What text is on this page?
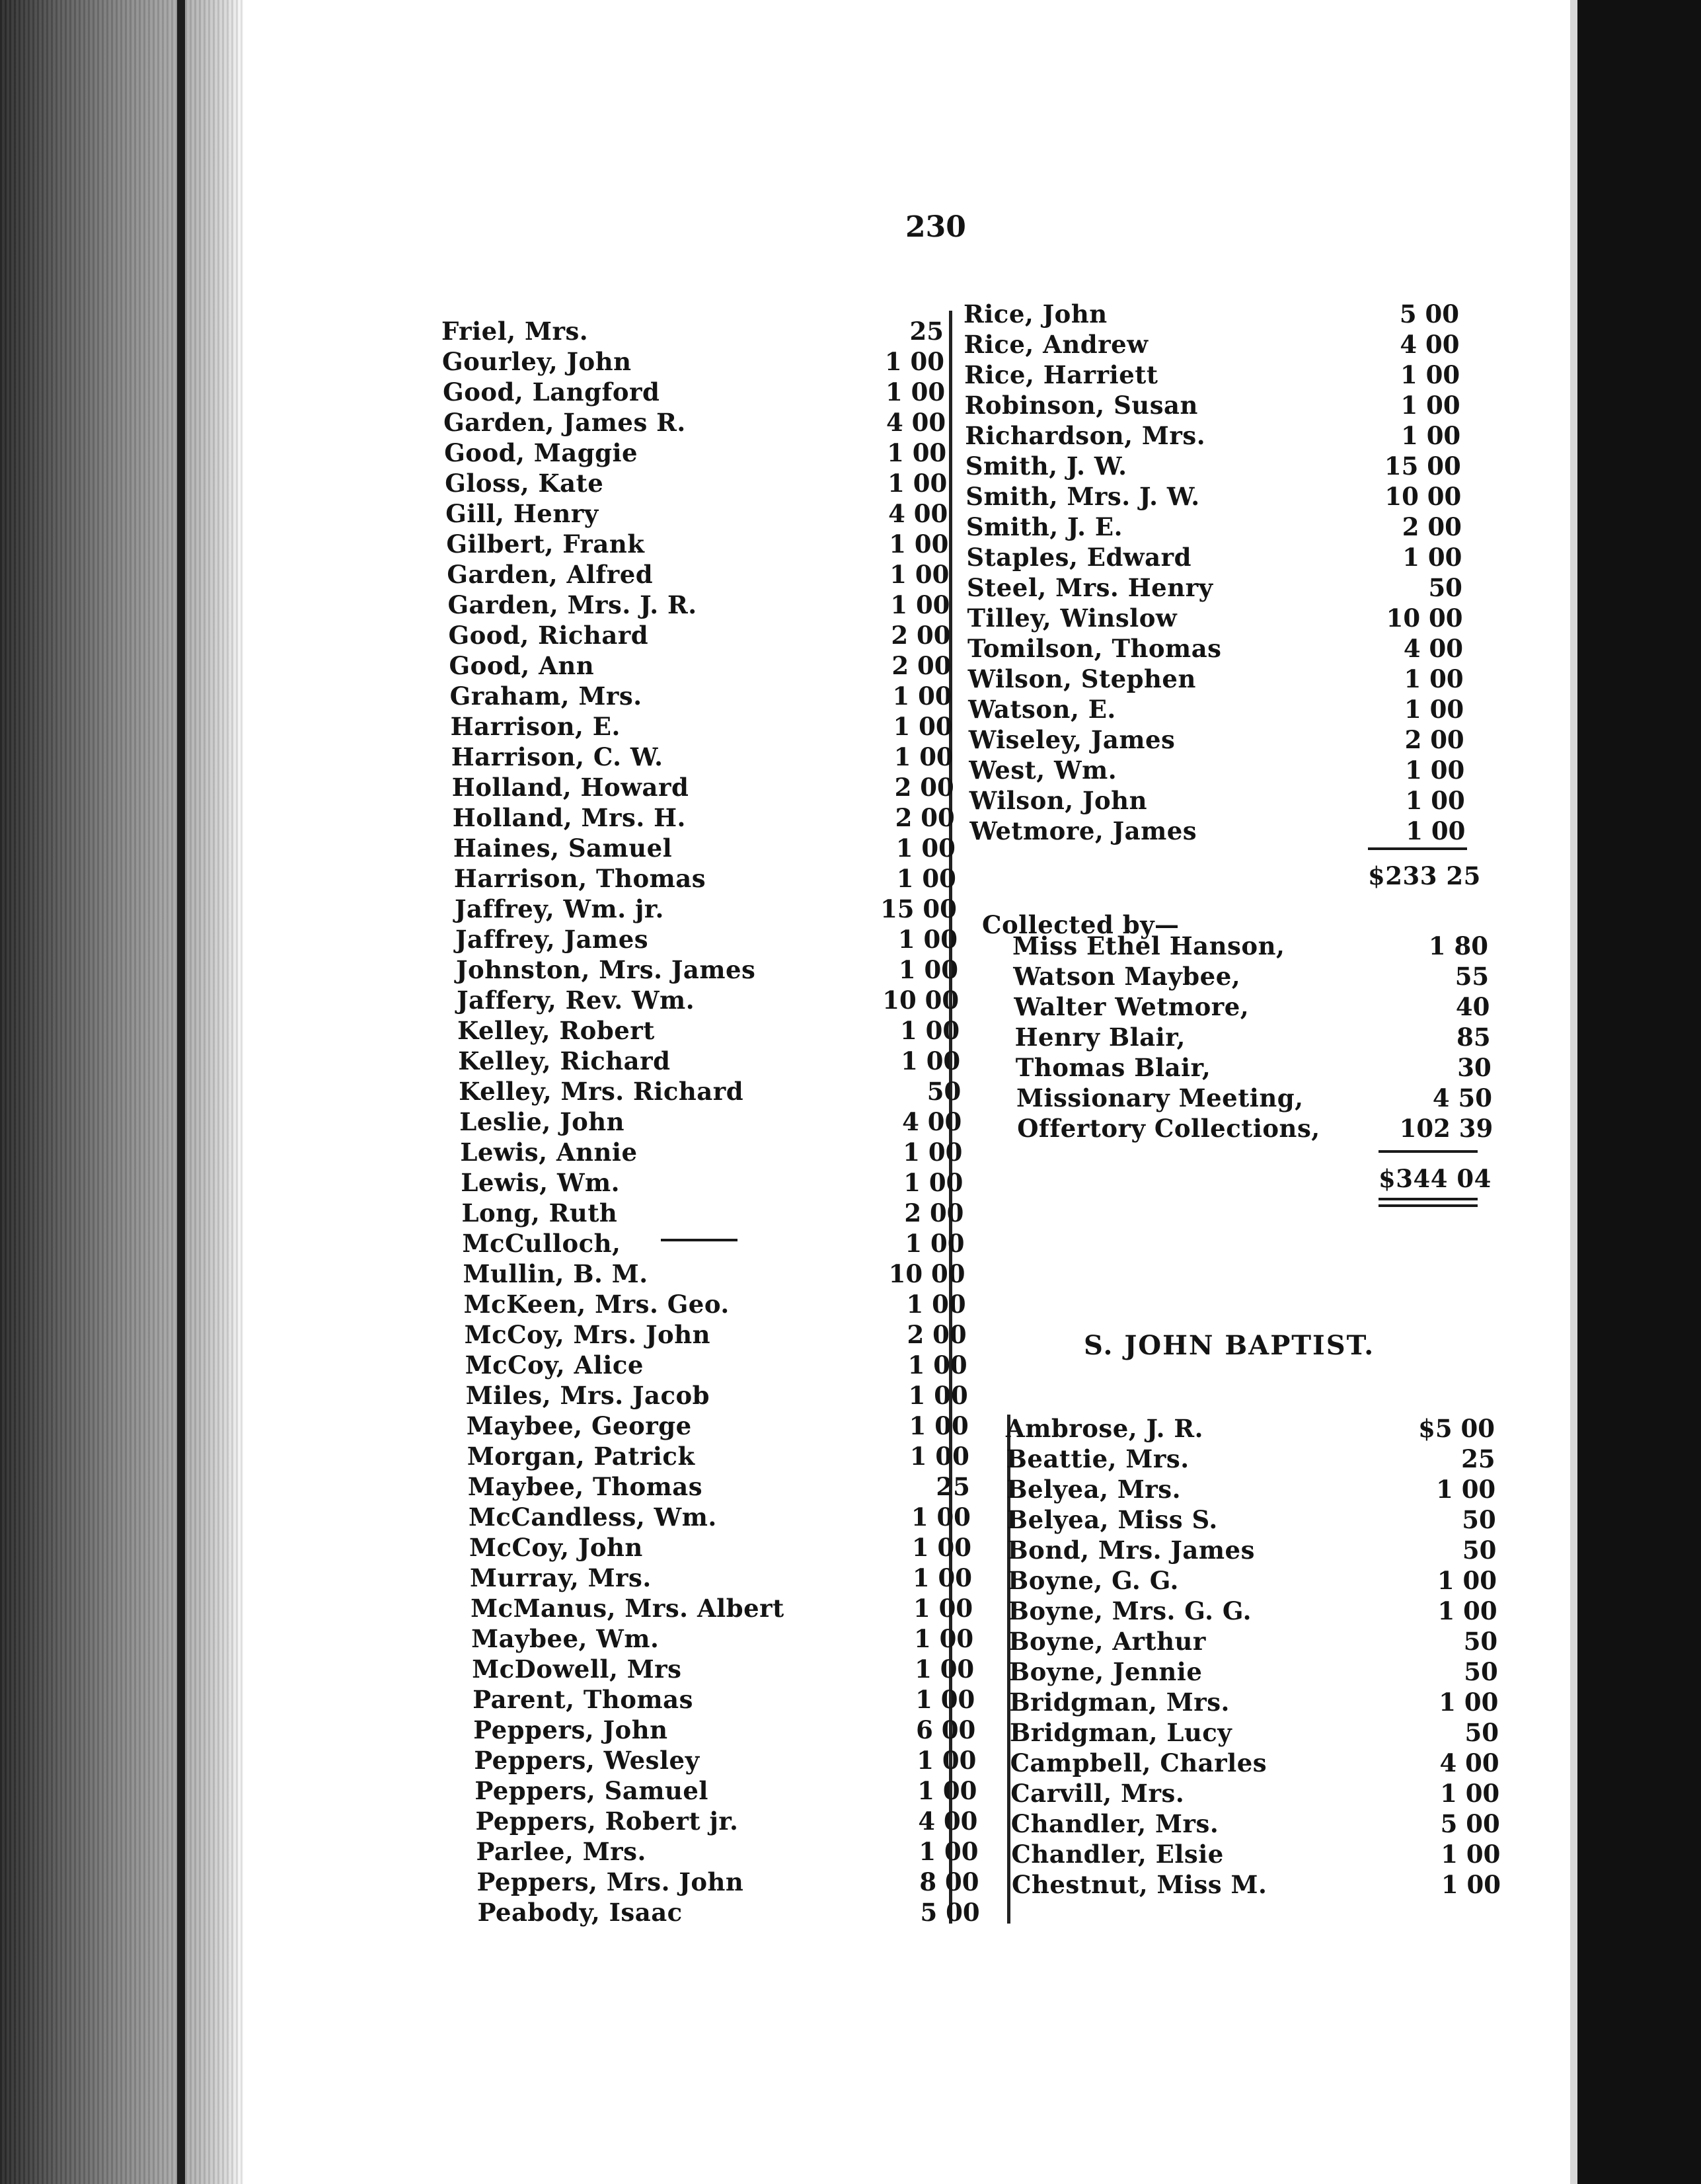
230
Friel, Mrs.	25
Gourley, John	1 00
Good, Langford	1 00
Garden, James R.	4 00
Good, Maggie	1 00
Gloss, Kate	1 00
Gill, Henry	4 00
Gilbert, Frank	1 00
Garden, Alfred	1 00
Garden, Mrs. J. R.	1 00
Good, Richard	2 00
Good, Ann	2 00
Graham, Mrs.	1 00
Harrison, E.	1 00
Harrison, C. W.	1 00
Holland, Howard	2 00
Holland, Mrs. H.	2 00
Haines, Samuel	1 00
Harrison, Thomas	1 00
Jaffrey, Wm. jr.	15 00
Jaffrey, James	1 00
Johnston, Mrs. James	1 00
Jaffery, Rev. Wm.	10 00
Kelley, Robert	1 00
Kelley, Richard	1 00
Kelley, Mrs. Richard	50
Leslie, John	4 00
Lewis, Annie	1 00
Lewis, Wm.	1 00
Long, Ruth	2 00
McCulloch,	1 00
Mullin, B. M.	10 00
McKeen, Mrs. Geo.	1 00
McCoy, Mrs. John	2 00
McCoy, Alice	1 00
Miles, Mrs. Jacob	1 00
Maybee, George	1 00
Morgan, Patrick	1 00
Maybee, Thomas	25
McCandless, Wm.	1 00
McCoy, John	1 00
Murray, Mrs.	1 00
McManus, Mrs. Albert	1 00
Maybee, Wm.	1 00
McDowell, Mrs	1 00
Parent, Thomas	1 00
Peppers, John	6 00
Peppers, Wesley	1 00
Peppers, Samuel	1 00
Peppers, Robert jr.	4 00
Parlee, Mrs.	1 00
Peppers, Mrs. John	8 00
Peabody, Isaac	5 00
Rice, John	5 00
Rice, Andrew	4 00
Rice, Harriett	1 00
Robinson, Susan	1 00
Richardson, Mrs.	1 00
Smith, J. W.	15 00
Smith, Mrs. J. W.	10 00
Smith, J. E.	2 00
Staples, Edward	1 00
Steel, Mrs. Henry	50
Tilley, Winslow	10 00
Tomilson, Thomas	4 00
Wilson, Stephen	1 00
Watson, E.	1 00
Wiseley, James	2 00
West, Wm.	1 00
Wilson, John	1 00
Wetmore, James	1 00
$233 25
Collected by—
Miss Ethel Hanson,	1 80
Watson Maybee,	55
Walter Wetmore,	40
Henry Blair,	85
Thomas Blair,	30
Missionary Meeting,	4 50
Offertory Collections,	102 39
$344 04
S. JOHN BAPTIST.
Ambrose, J. R.	$5 00
Beattie, Mrs.	25
Belyea, Mrs.	1 00
Belyea, Miss S.	50
Bond, Mrs. James	50
Boyne, G. G.	1 00
Boyne, Mrs. G. G.	1 00
Boyne, Arthur	50
Boyne, Jennie	50
Bridgman, Mrs.	1 00
Bridgman, Lucy	50
Campbell, Charles	4 00
Carvill, Mrs.	1 00
Chandler, Mrs.	5 00
Chandler, Elsie	1 00
Chestnut, Miss M.	1 00
